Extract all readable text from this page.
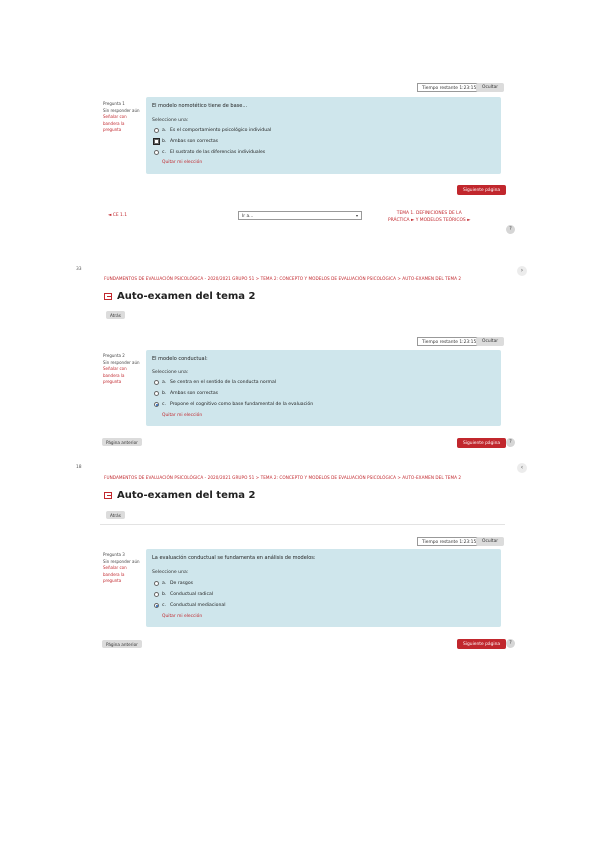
Tiempo restante 1:23:15	Ocultar
Pregunta 1
Sin responder aún
Señalar con bandera la pregunta
El modelo nomotético tiene de base...
Seleccione una:
a. Es el comportamiento psicológico individual
b. Ambas son correctas
c. El sustrato de las diferencias individuales
Quitar mi elección
Siguiente página
◄ CE 1.1	Ir a...	▾	TEMA 1. DEFINICIONES DE LA
PRÁCTICA ► Y MODELOS TEÓRICOS ►
?
33	›
FUNDAMENTOS DE EVALUACIÓN PSICOLÓGICA - 2020/2021 GRUPO 51 > TEMA 2: CONCEPTO Y MODELOS DE EVALUACIÓN PSICOLÓGICA > AUTO-EXAMEN DEL TEMA 2
Auto-examen del tema 2
Atrás
Tiempo restante 1:23:15	Ocultar
Pregunta 2
Sin responder aún
Señalar con bandera la pregunta
El modelo conductual:
Seleccione una:
a. Se centra en el sentido de la conducta normal
b. Ambas son correctas
c. Propone el cognitivo como base fundamental de la evaluación
Quitar mi elección
Página anterior	Siguiente página	?
18	‹
FUNDAMENTOS DE EVALUACIÓN PSICOLÓGICA - 2020/2021 GRUPO 51 > TEMA 2: CONCEPTO Y MODELOS DE EVALUACIÓN PSICOLÓGICA > AUTO-EXAMEN DEL TEMA 2
Auto-examen del tema 2
Atrás
Tiempo restante 1:23:15	Ocultar
Pregunta 3
Sin responder aún
Señalar con bandera la pregunta
La evaluación conductual se fundamenta en análisis de modelos:
Seleccione una:
a. De rasgos
b. Conductual radical
c. Conductual mediacional
Quitar mi elección
Página anterior	Siguiente página	?
